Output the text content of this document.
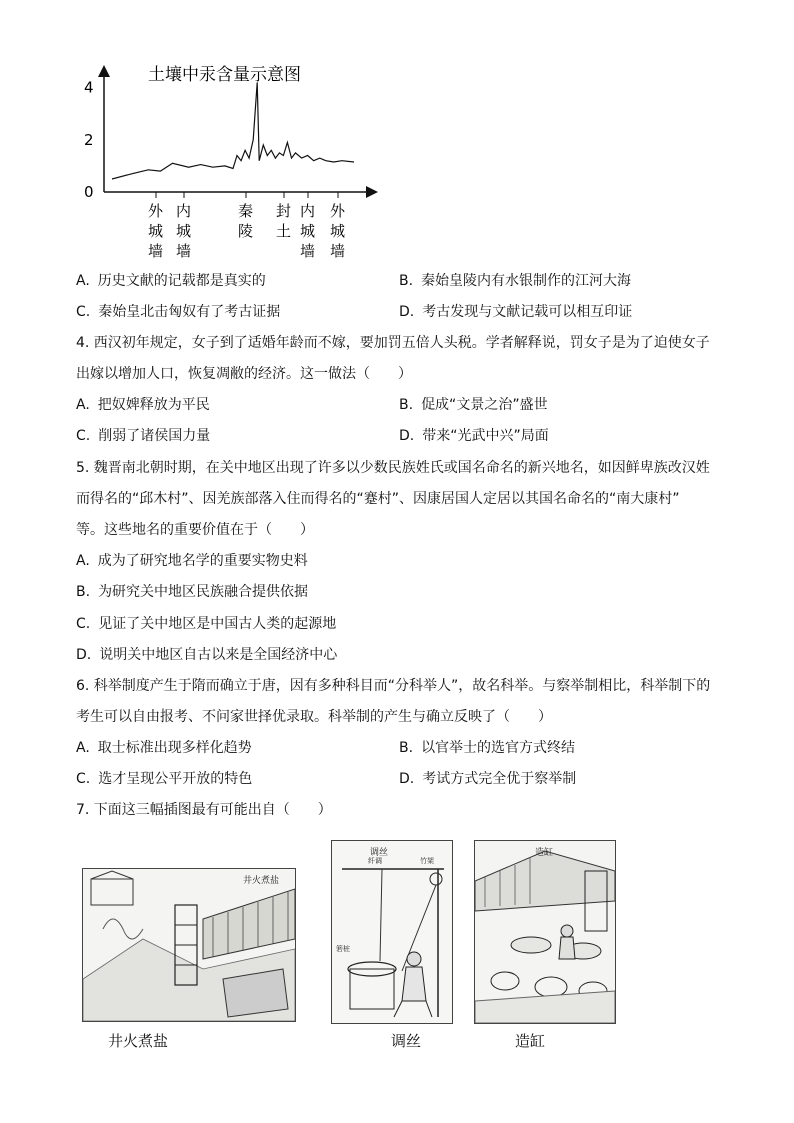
土壤中汞含量示意图
0
2
4
外
城
墙
内
城
墙
秦
陵
封
土
内
城
墙
外
城
墙
A. 历史文献的记载都是真实的	B. 秦始皇陵内有水银制作的江河大海
C. 秦始皇北击匈奴有了考古证据	D. 考古发现与文献记载可以相互印证
4. 西汉初年规定，女子到了适婚年龄而不嫁，要加罚五倍人头税。学者解释说，罚女子是为了迫使女子
出嫁以增加人口，恢复凋敝的经济。这一做法（　　）
A. 把奴婢释放为平民	B. 促成“文景之治”盛世
C. 削弱了诸侯国力量	D. 带来“光武中兴”局面
5. 魏晋南北朝时期，在关中地区出现了许多以少数民族姓氏或国名命名的新兴地名，如因鲜卑族改汉姓
而得名的“邱木村”、因羌族部落入住而得名的“蹇村”、因康居国人定居以其国名命名的“南大康村”
等。这些地名的重要价值在于（　　）
A. 成为了研究地名学的重要实物史料
B. 为研究关中地区民族融合提供依据
C. 见证了关中地区是中国古人类的起源地
D. 说明关中地区自古以来是全国经济中心
6. 科举制度产生于隋而确立于唐，因有多种科目而“分科举人”，故名科举。与察举制相比，科举制下的
考生可以自由报考、不问家世择优录取。科举制的产生与确立反映了（　　）
A. 取士标准出现多样化趋势	B. 以官举士的选官方式终结
C. 选才呈现公平开放的特色	D. 考试方式完全优于察举制
7. 下面这三幅插图最有可能出自（　　）
井火煮盐
井火煮盐
调丝
纤调	竹架
箬桩
调丝
造缸
造缸
